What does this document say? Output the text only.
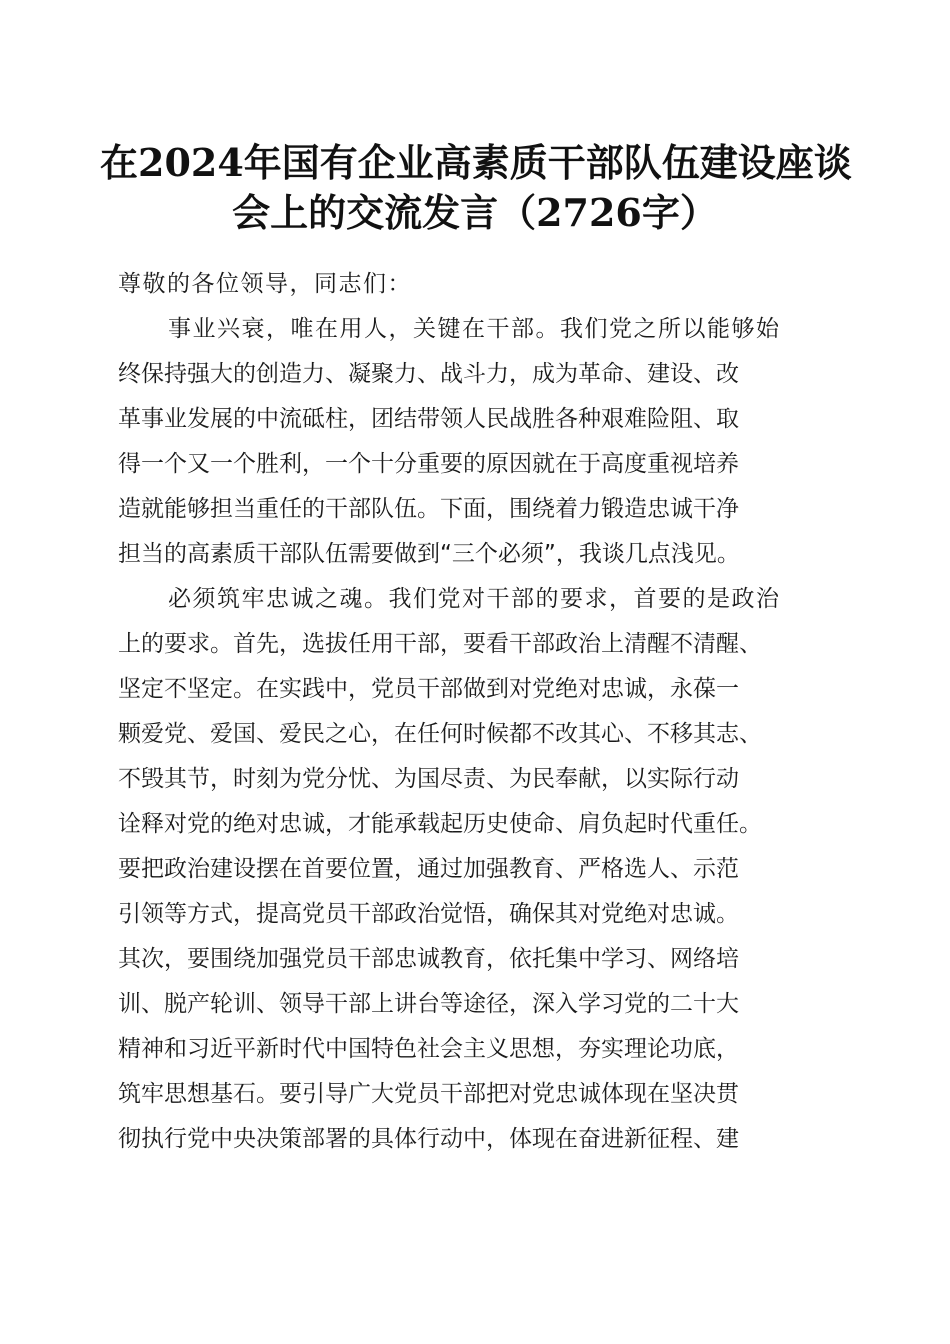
在2024年国有企业高素质干部队伍建设座谈
会上的交流发言（2726字）
尊敬的各位领导，同志们：
事业兴衰，唯在用人，关键在干部。我们党之所以能够始
终保持强大的创造力、凝聚力、战斗力，成为革命、建设、改
革事业发展的中流砥柱，团结带领人民战胜各种艰难险阻、取
得一个又一个胜利，一个十分重要的原因就在于高度重视培养
造就能够担当重任的干部队伍。下面，围绕着力锻造忠诚干净
担当的高素质干部队伍需要做到“三个必须”，我谈几点浅见。
必须筑牢忠诚之魂。我们党对干部的要求，首要的是政治
上的要求。首先，选拔任用干部，要看干部政治上清醒不清醒、
坚定不坚定。在实践中，党员干部做到对党绝对忠诚，永葆一
颗爱党、爱国、爱民之心，在任何时候都不改其心、不移其志、
不毁其节，时刻为党分忧、为国尽责、为民奉献，以实际行动
诠释对党的绝对忠诚，才能承载起历史使命、肩负起时代重任。
要把政治建设摆在首要位置，通过加强教育、严格选人、示范
引领等方式，提高党员干部政治觉悟，确保其对党绝对忠诚。
其次，要围绕加强党员干部忠诚教育，依托集中学习、网络培
训、脱产轮训、领导干部上讲台等途径，深入学习党的二十大
精神和习近平新时代中国特色社会主义思想，夯实理论功底，
筑牢思想基石。要引导广大党员干部把对党忠诚体现在坚决贯
彻执行党中央决策部署的具体行动中，体现在奋进新征程、建
